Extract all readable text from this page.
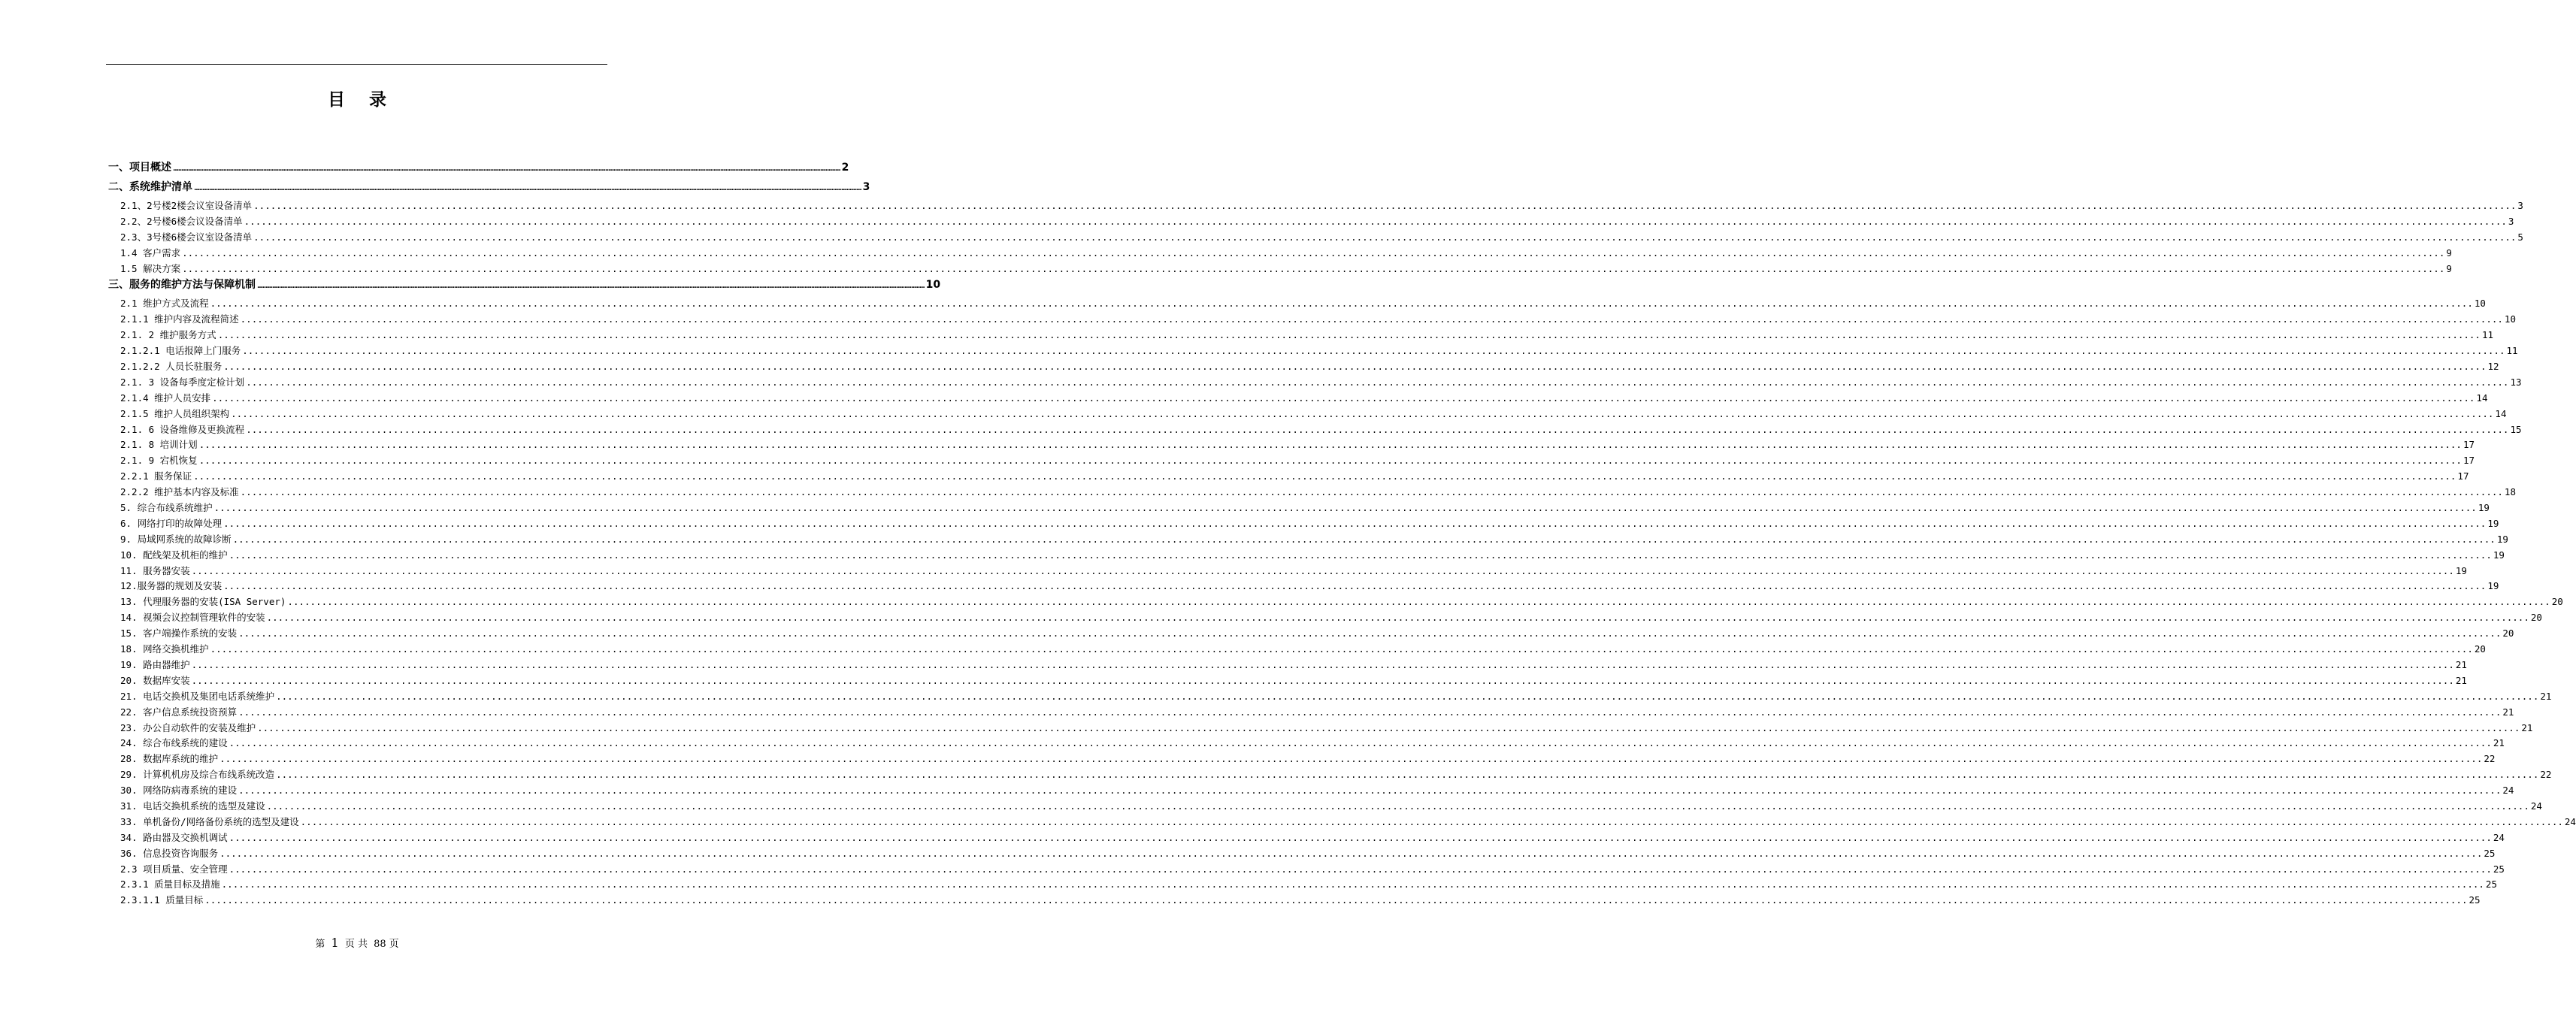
目 录
一、项目概述 ................................................................................................................................................................................................................................................................................................................................................................................................................ 2
二、系统维护清单 ................................................................................................................................................................................................................................................................................................................................................................................................................ 3
2.1、2号楼2楼会议室设备清单 ................................................................................................................................................................................................................................................................................................................................................................................................................ 3
2.2、2号楼6楼会议设备清单 ................................................................................................................................................................................................................................................................................................................................................................................................................ 3
2.3、3号楼6楼会议室设备清单 ................................................................................................................................................................................................................................................................................................................................................................................................................ 5
1.4 客户需求 ................................................................................................................................................................................................................................................................................................................................................................................................................ 9
1.5 解决方案 ................................................................................................................................................................................................................................................................................................................................................................................................................ 9
三、服务的维护方法与保障机制 ................................................................................................................................................................................................................................................................................................................................................................................................................ 10
2.1 维护方式及流程 ................................................................................................................................................................................................................................................................................................................................................................................................................ 10
2.1.1 维护内容及流程简述 ................................................................................................................................................................................................................................................................................................................................................................................................................ 10
2.1. 2 维护服务方式 ................................................................................................................................................................................................................................................................................................................................................................................................................ 11
2.1.2.1 电话报障上门服务 ................................................................................................................................................................................................................................................................................................................................................................................................................ 11
2.1.2.2 人员长驻服务 ................................................................................................................................................................................................................................................................................................................................................................................................................ 12
2.1. 3 设备每季度定检计划 ................................................................................................................................................................................................................................................................................................................................................................................................................ 13
2.1.4 维护人员安排 ................................................................................................................................................................................................................................................................................................................................................................................................................ 14
2.1.5 维护人员组织架构 ................................................................................................................................................................................................................................................................................................................................................................................................................ 14
2.1. 6 设备维修及更换流程 ................................................................................................................................................................................................................................................................................................................................................................................................................ 15
2.1. 8 培训计划 ................................................................................................................................................................................................................................................................................................................................................................................................................ 17
2.1. 9 宕机恢复 ................................................................................................................................................................................................................................................................................................................................................................................................................ 17
2.2.1 服务保证 ................................................................................................................................................................................................................................................................................................................................................................................................................ 17
2.2.2 维护基本内容及标准 ................................................................................................................................................................................................................................................................................................................................................................................................................ 18
5. 综合布线系统维护 ................................................................................................................................................................................................................................................................................................................................................................................................................ 19
6. 网络打印的故障处理 ................................................................................................................................................................................................................................................................................................................................................................................................................ 19
9. 局域网系统的故障诊断 ................................................................................................................................................................................................................................................................................................................................................................................................................ 19
10. 配线架及机柜的维护 ................................................................................................................................................................................................................................................................................................................................................................................................................ 19
11. 服务器安装 ................................................................................................................................................................................................................................................................................................................................................................................................................ 19
12.服务器的规划及安装 ................................................................................................................................................................................................................................................................................................................................................................................................................ 19
13. 代理服务器的安装(ISA Server) ................................................................................................................................................................................................................................................................................................................................................................................................................ 20
14. 视频会议控制管理软件的安装 ................................................................................................................................................................................................................................................................................................................................................................................................................ 20
15. 客户端操作系统的安装 ................................................................................................................................................................................................................................................................................................................................................................................................................ 20
18. 网络交换机维护 ................................................................................................................................................................................................................................................................................................................................................................................................................ 20
19. 路由器维护 ................................................................................................................................................................................................................................................................................................................................................................................................................ 21
20. 数据库安装 ................................................................................................................................................................................................................................................................................................................................................................................................................ 21
21. 电话交换机及集团电话系统维护 ................................................................................................................................................................................................................................................................................................................................................................................................................ 21
22. 客户信息系统投资预算 ................................................................................................................................................................................................................................................................................................................................................................................................................ 21
23. 办公自动软件的安装及维护 ................................................................................................................................................................................................................................................................................................................................................................................................................ 21
24. 综合布线系统的建设 ................................................................................................................................................................................................................................................................................................................................................................................................................ 21
28. 数据库系统的维护 ................................................................................................................................................................................................................................................................................................................................................................................................................ 22
29. 计算机机房及综合布线系统改造 ................................................................................................................................................................................................................................................................................................................................................................................................................ 22
30. 网络防病毒系统的建设 ................................................................................................................................................................................................................................................................................................................................................................................................................ 24
31. 电话交换机系统的选型及建设 ................................................................................................................................................................................................................................................................................................................................................................................................................ 24
33. 单机备份/网络备份系统的选型及建设 ................................................................................................................................................................................................................................................................................................................................................................................................................ 24
34. 路由器及交换机调试 ................................................................................................................................................................................................................................................................................................................................................................................................................ 24
36. 信息投资咨询服务 ................................................................................................................................................................................................................................................................................................................................................................................................................ 25
2.3 项目质量、安全管理 ................................................................................................................................................................................................................................................................................................................................................................................................................ 25
2.3.1 质量目标及措施 ................................................................................................................................................................................................................................................................................................................................................................................................................ 25
2.3.1.1 质量目标 ................................................................................................................................................................................................................................................................................................................................................................................................................ 25
第 1 页 共 88 页
